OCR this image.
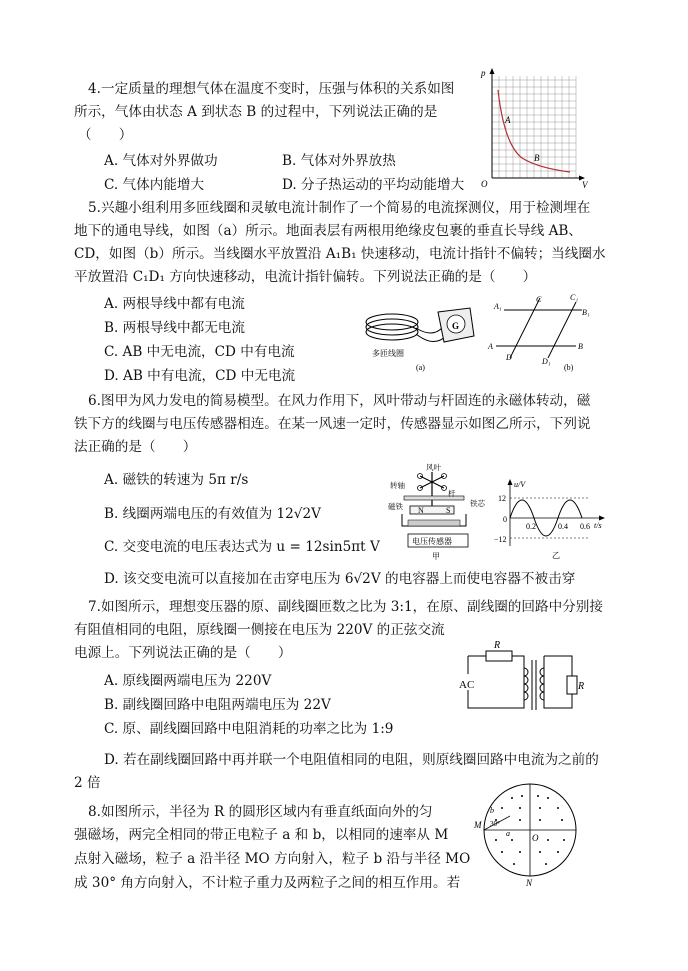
4.一定质量的理想气体在温度不变时，压强与体积的关系如图
所示，气体由状态 A 到状态 B 的过程中，下列说法正确的是
（　　）
A. 气体对外界做功	B. 气体对外界放热
C. 气体内能增大	D. 分子热运动的平均动能增大
p
V
O
A
B
5.兴趣小组利用多匝线圈和灵敏电流计制作了一个简易的电流探测仪，用于检测埋在
地下的通电导线，如图（a）所示。地面表层有两根用绝缘皮包裹的垂直长导线 AB、
CD，如图（b）所示。当线圈水平放置沿 A₁B₁ 快速移动，电流计指针不偏转；当线圈水
平放置沿 C₁D₁ 方向快速移动，电流计指针偏转。下列说法正确的是（　　）
A. 两根导线中都有电流
B. 两根导线中都无电流
C. AB 中无电流，CD 中有电流
D. AB 中有电流，CD 中无电流
G
多匝线圈
(a)
A₁
C	C₁
B₁
A	B
D	D₁
(b)
6.图甲为风力发电的简易模型。在风力作用下，风叶带动与杆固连的永磁体转动，磁
铁下方的线圈与电压传感器相连。在某一风速一定时，传感器显示如图乙所示，下列说
法正确的是（　　）
A. 磁铁的转速为 5π r/s
B. 线圈两端电压的有效值为 12√2V
C. 交变电流的电压表达式为 u = 12sin5πt V
D. 该交变电流可以直接加在击穿电压为 6√2V 的电容器上而使电容器不被击穿
风叶
转轴
杆
磁铁	铁芯
N	S
电压传感器
甲
u/V
t/s
0
12
−12
0.2	0.4 0.6
乙
7.如图所示，理想变压器的原、副线圈匝数之比为 3:1，在原、副线圈的回路中分别接
有阻值相同的电阻，原线圈一侧接在电压为 220V 的正弦交流
电源上。下列说法正确的是（　　）
A. 原线圈两端电压为 220V
B. 副线圈回路中电阻两端电压为 22V
C. 原、副线圈回路中电阻消耗的功率之比为 1:9
D. 若在副线圈回路中再并联一个电阻值相同的电阻，则原线圈回路中电流为之前的
2 倍
R
AC	R
8.如图所示，半径为 R 的圆形区域内有垂直纸面向外的匀
强磁场，两完全相同的带正电粒子 a 和 b，以相同的速率从 M
点射入磁场，粒子 a 沿半径 MO 方向射入，粒子 b 沿与半径 MO
成 30° 角方向射入，不计粒子重力及两粒子之间的相互作用。若
M
O
N
b
a
30°
